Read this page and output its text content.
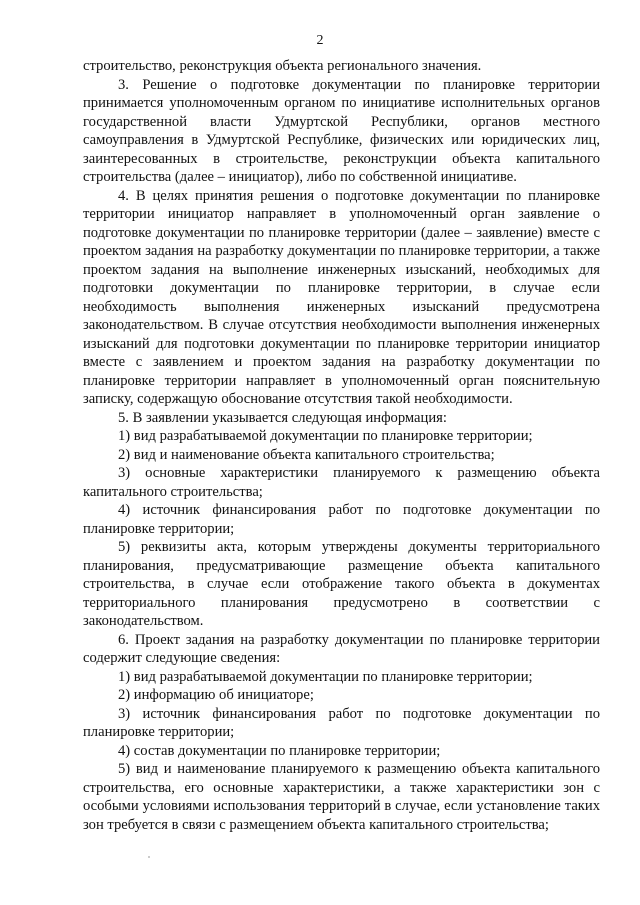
2

строительство, реконструкция объекта регионального значения.

3. Решение о подготовке документации по планировке территории принимается уполномоченным органом по инициативе исполнительных органов государственной власти Удмуртской Республики, органов местного самоуправления в Удмуртской Республике, физических или юридических лиц, заинтересованных в строительстве, реконструкции объекта капитального строительства (далее – инициатор), либо по собственной инициативе.

4. В целях принятия решения о подготовке документации по планировке территории инициатор направляет в уполномоченный орган заявление о подготовке документации по планировке территории (далее – заявление) вместе с проектом задания на разработку документации по планировке территории, а также проектом задания на выполнение инженерных изысканий, необходимых для подготовки документации по планировке территории, в случае если необходимость выполнения инженерных изысканий предусмотрена законодательством. В случае отсутствия необходимости выполнения инженерных изысканий для подготовки документации по планировке территории инициатор вместе с заявлением и проектом задания на разработку документации по планировке территории направляет в уполномоченный орган пояснительную записку, содержащую обоснование отсутствия такой необходимости.

5. В заявлении указывается следующая информация:

1) вид разрабатываемой документации по планировке территории;

2) вид и наименование объекта капитального строительства;

3) основные характеристики планируемого к размещению объекта капитального строительства;

4) источник финансирования работ по подготовке документации по планировке территории;

5) реквизиты акта, которым утверждены документы территориального планирования, предусматривающие размещение объекта капитального строительства, в случае если отображение такого объекта в документах территориального планирования предусмотрено в соответствии с законодательством.

6. Проект задания на разработку документации по планировке территории содержит следующие сведения:

1) вид разрабатываемой документации по планировке территории;

2) информацию об инициаторе;

3) источник финансирования работ по подготовке документации по планировке территории;

4) состав документации по планировке территории;

5) вид и наименование планируемого к размещению объекта капитального строительства, его основные характеристики, а также характеристики зон с особыми условиями использования территорий в случае, если установление таких зон требуется в связи с размещением объекта капитального строительства;
